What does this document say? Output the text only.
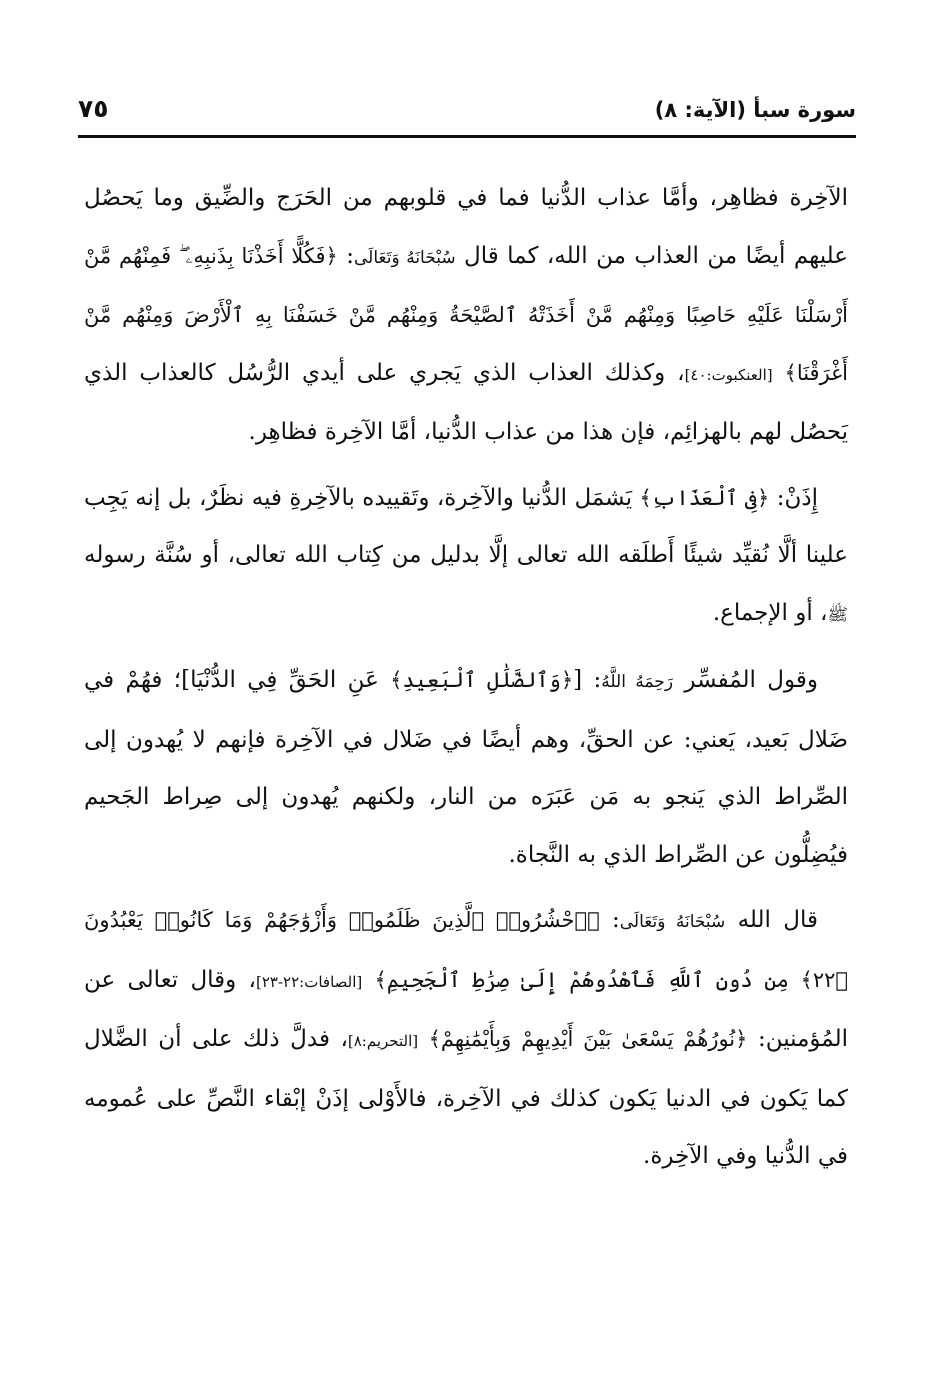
سورة سبأ (الآية: ٨)
٧٥

الآخِرة فظاهِر، وأمَّا عذاب الدُّنيا فما في قلوبهم من الحَرَج والضِّيق وما يَحصُل عليهم أيضًا من العذاب من الله، كما قال سُبْحَانَهُ وَتَعَالَى: ﴿فَكُلًّا أَخَذْنَا بِذَنبِهِۦ ۖ فَمِنْهُم مَّنْ أَرْسَلْنَا عَلَيْهِ حَاصِبًا وَمِنْهُم مَّنْ أَخَذَتْهُ ٱلصَّيْحَةُ وَمِنْهُم مَّنْ خَسَفْنَا بِهِ ٱلْأَرْضَ وَمِنْهُم مَّنْ أَغْرَقْنَا﴾ [العنكبوت:٤٠]، وكذلك العذاب الذي يَجري على أيدي الرُّسُل كالعذاب الذي يَحصُل لهم بالهزائِم، فإن هذا من عذاب الدُّنيا، أمَّا الآخِرة فظاهِر.

إِذَنْ: ﴿فِى ٱلْعَذَابِ﴾ يَشمَل الدُّنيا والآخِرة، وتَقييده بالآخِرةِ فيه نظَرٌ، بل إنه يَجِب علينا ألَّا نُقيِّد شيئًا أَطلَقه الله تعالى إلَّا بدليل من كِتاب الله تعالى، أو سُنَّة رسوله ﷺ، أو الإجماع.

وقول المُفسِّر رَحِمَهُ اللَّهُ: [﴿وَٱلضَّلَٰلِ ٱلْبَعِيدِ﴾ عَنِ الحَقِّ فِي الدُّنْيَا]؛ فهُمْ في ضَلال بَعيد، يَعني: عن الحقِّ، وهم أيضًا في ضَلال في الآخِرة فإنهم لا يُهدون إلى الصِّراط الذي يَنجو به مَن عَبَرَه من النار، ولكنهم يُهدون إلى صِراط الجَحيم فيُضِلُّون عن الصِّراط الذي به النَّجاة.

قال الله سُبْحَانَهُ وَتَعَالَى: ﴿ٱحْشُرُوا۟ ٱلَّذِينَ ظَلَمُوا۟ وَأَزْوَٰجَهُمْ وَمَا كَانُوا۟ يَعْبُدُونَ ﴿٢٢﴾ مِن دُونِ ٱللَّهِ فَٱهْدُوهُمْ إِلَىٰ صِرَٰطِ ٱلْجَحِيمِ﴾ [الصافات:٢٢-٢٣]، وقال تعالى عن المُؤمنين: ﴿نُورُهُمْ يَسْعَىٰ بَيْنَ أَيْدِيهِمْ وَبِأَيْمَٰنِهِمْ﴾ [التحريم:٨]، فدلَّ ذلك على أن الضَّلال كما يَكون في الدنيا يَكون كذلك في الآخِرة، فالأَوْلى إذَنْ إبْقاء النَّصِّ على عُمومه في الدُّنيا وفي الآخِرة.
